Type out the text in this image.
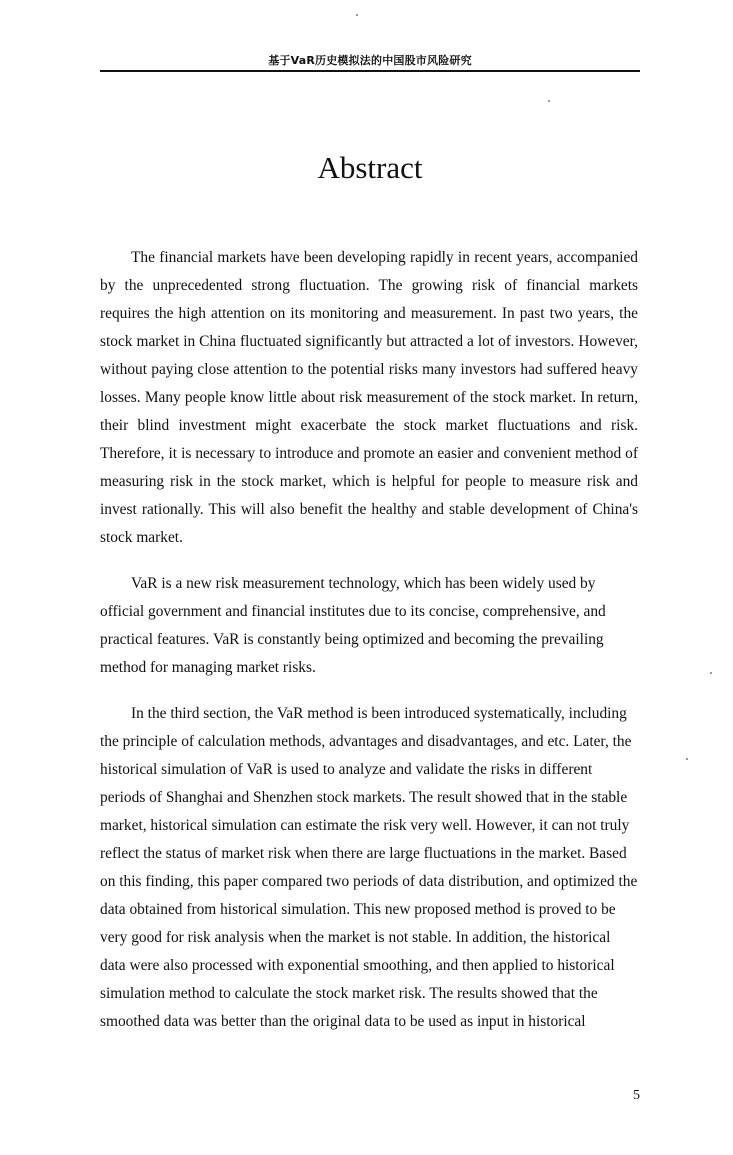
基于VaR历史模拟法的中国股市风险研究
Abstract

The financial markets have been developing rapidly in recent years, accompanied by the unprecedented strong fluctuation. The growing risk of financial markets requires the high attention on its monitoring and measurement. In past two years, the stock market in China fluctuated significantly but attracted a lot of investors. However, without paying close attention to the potential risks many investors had suffered heavy losses. Many people know little about risk measurement of the stock market. In return, their blind investment might exacerbate the stock market fluctuations and risk. Therefore, it is necessary to introduce and promote an easier and convenient method of measuring risk in the stock market, which is helpful for people to measure risk and invest rationally. This will also benefit the healthy and stable development of China's stock market.

VaR is a new risk measurement technology, which has been widely used by official government and financial institutes due to its concise, comprehensive, and practical features. VaR is constantly being optimized and becoming the prevailing method for managing market risks.

In the third section, the VaR method is been introduced systematically, including the principle of calculation methods, advantages and disadvantages, and etc. Later, the historical simulation of VaR is used to analyze and validate the risks in different periods of Shanghai and Shenzhen stock markets. The result showed that in the stable market, historical simulation can estimate the risk very well. However, it can not truly reflect the status of market risk when there are large fluctuations in the market. Based on this finding, this paper compared two periods of data distribution, and optimized the data obtained from historical simulation. This new proposed method is proved to be very good for risk analysis when the market is not stable. In addition, the historical data were also processed with exponential smoothing, and then applied to historical simulation method to calculate the stock market risk. The results showed that the smoothed data was better than the original data to be used as input in historical

5
